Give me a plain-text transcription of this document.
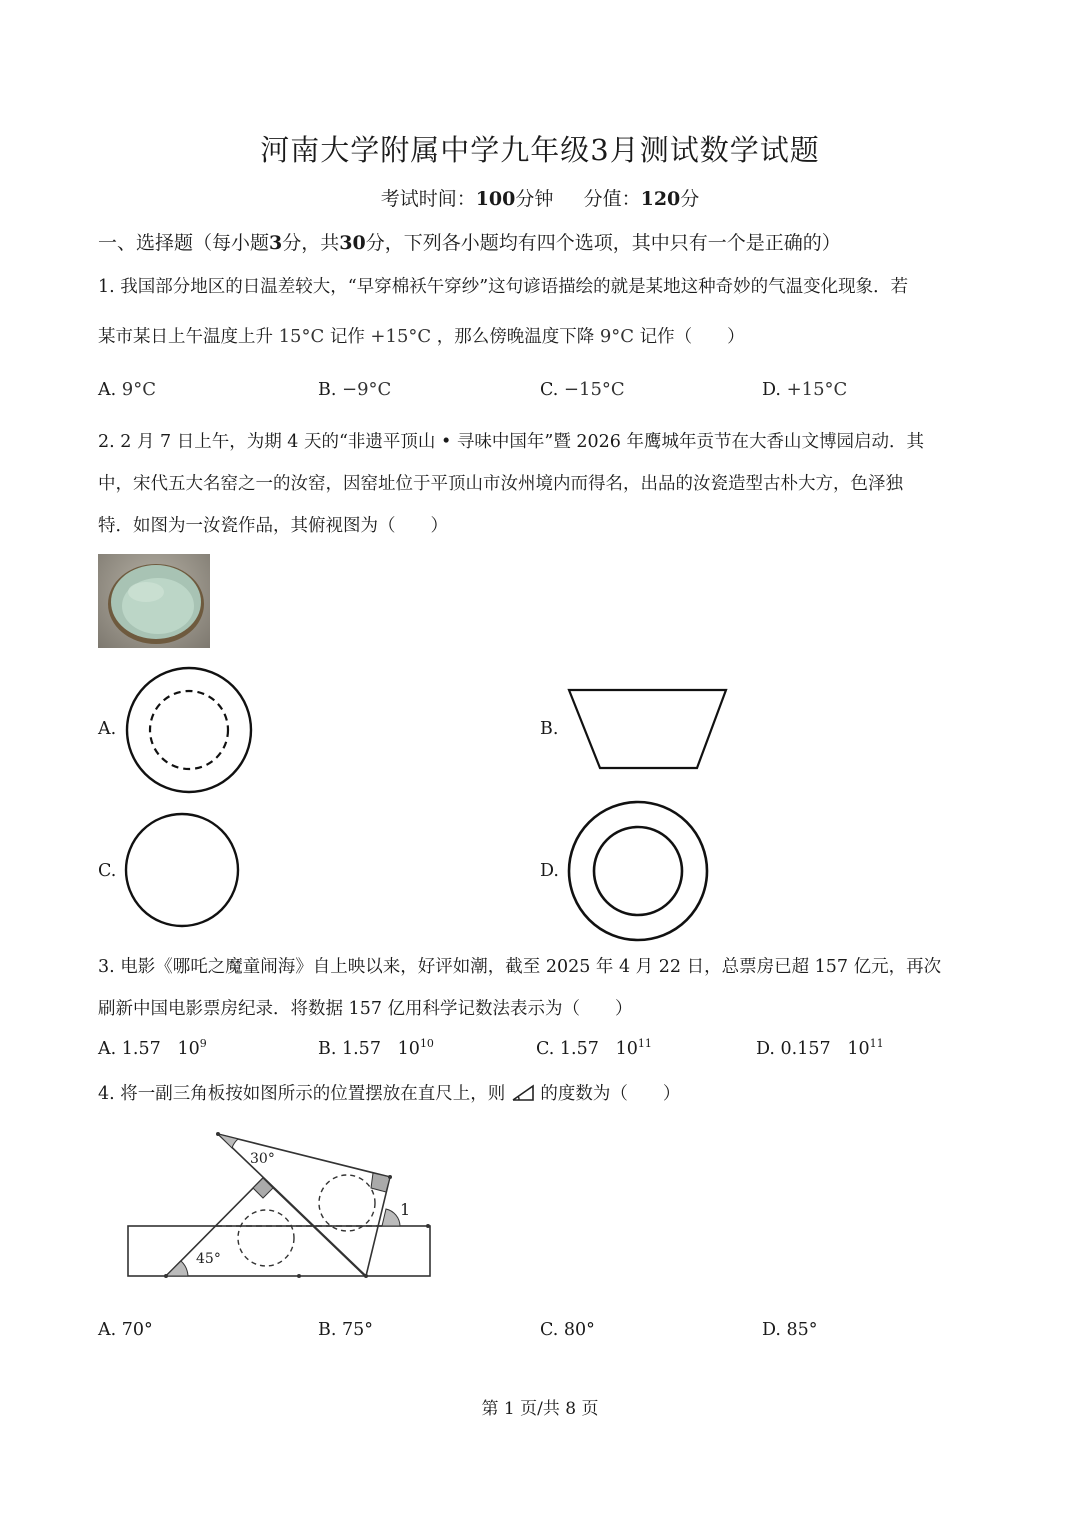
河南大学附属中学九年级3月测试数学试题
考试时间：100分钟 分值：120分
一、选择题（每小题3分，共30分，下列各小题均有四个选项，其中只有一个是正确的）
1. 我国部分地区的日温差较大，“早穿棉袄午穿纱”这句谚语描绘的就是某地这种奇妙的气温变化现象．若
某市某日上午温度上升 15°C 记作 +15°C ，那么傍晚温度下降 9°C 记作（　　）
A. 9°C	B. −9°C	C. −15°C	D. +15°C
2. 2 月 7 日上午，为期 4 天的“非遗平顶山 • 寻味中国年”暨 2026 年鹰城年贡节在大香山文博园启动．其
中，宋代五大名窑之一的汝窑，因窑址位于平顶山市汝州境内而得名，出品的汝瓷造型古朴大方，色泽独
特．如图为一汝瓷作品，其俯视图为（　　）
A.	B.
C.	D.
3. 电影《哪吒之魔童闹海》自上映以来，好评如潮，截至 2025 年 4 月 22 日，总票房已超 157 亿元，再次
刷新中国电影票房纪录．将数据 157 亿用科学记数法表示为（　　）
A. 1.57 $10^9$	B. 1.57 $10^{10}$	C. 1.57 $10^{11}$	D. 0.157 $10^{11}$
4. 将一副三角板按如图所示的位置摆放在直尺上，则 的度数为（　　）
30°
45°
1
A. 70°	B. 75°	C. 80°	D. 85°
第 1 页/共 8 页
